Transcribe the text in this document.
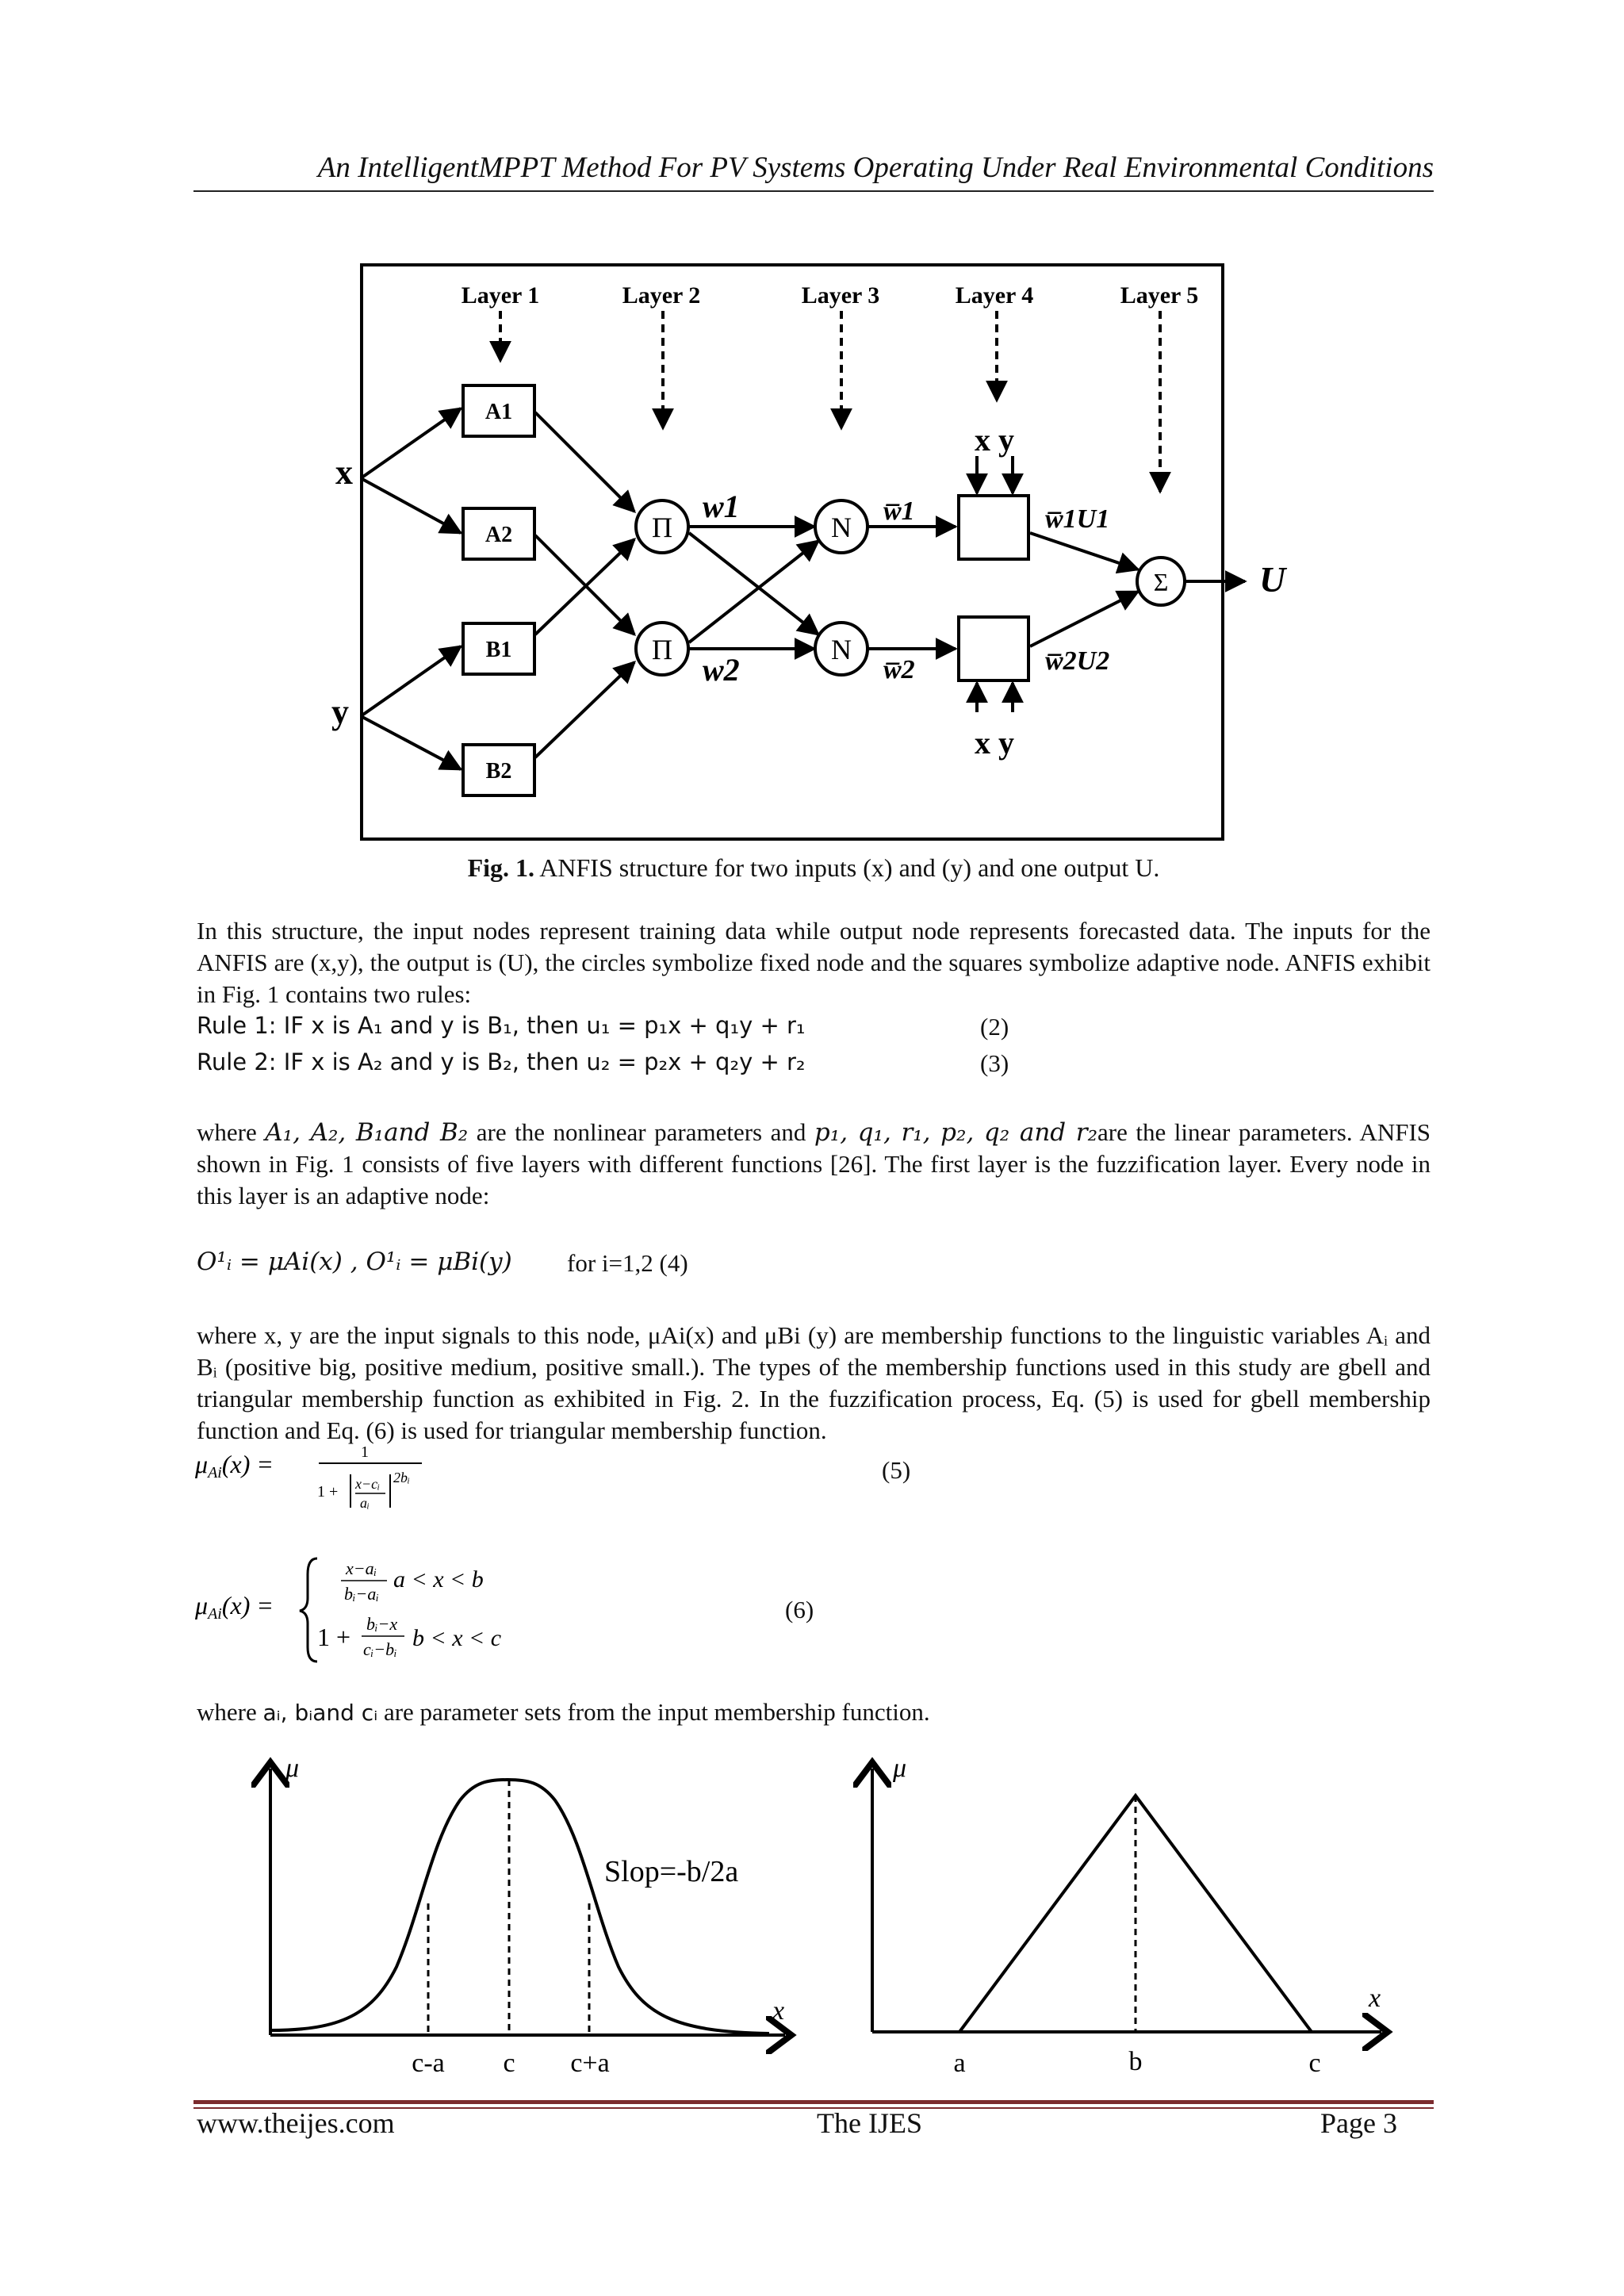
An IntelligentMPPT Method For PV Systems Operating Under Real Environmental Conditions
Layer 1	Layer 2	Layer 3	Layer 4	Layer 5
x
y
A1
A2
B1
B2
Π
Π
N
N
Σ
w1
w2
w̅1
w̅2
w̅1U1
w̅2U2
x y
x y
U
Fig. 1. ANFIS structure for two inputs (x) and (y) and one output U.
In this structure, the input nodes represent training data while output node represents forecasted data. The inputs for the ANFIS are (x,y), the output is (U), the circles symbolize fixed node and the squares symbolize adaptive node. ANFIS exhibit in Fig. 1 contains two rules:
Rule 1: IF x is A₁ and y is B₁, then u₁ = p₁x + q₁y + r₁	(2)
Rule 2: IF x is A₂ and y is B₂, then u₂ = p₂x + q₂y + r₂	(3)
where A₁, A₂, B₁and B₂ are the nonlinear parameters and p₁, q₁, r₁, p₂, q₂ and r₂are the linear parameters. ANFIS shown in Fig. 1 consists of five layers with different functions [26]. The first layer is the fuzzification layer. Every node in this layer is an adaptive node:
O¹ᵢ = μAi(x) , O¹ᵢ = μBi(y) for i=1,2 (4)
where x, y are the input signals to this node, μAi(x) and μBi (y) are membership functions to the linguistic variables Aᵢ and Bᵢ (positive big, positive medium, positive small.). The types of the membership functions used in this study are gbell and triangular membership function as exhibited in Fig. 2. In the fuzzification process, Eq. (5) is used for gbell membership function and Eq. (6) is used for triangular membership function.
μAi(x) =	1
1 + x−cᵢ
aᵢ
2bᵢ	(5)
μAi(x) =
x−aᵢ
bᵢ−aᵢ
a < x < b
1 + bᵢ−x
cᵢ−bᵢ b < x < c
(6)
where aᵢ, bᵢand cᵢ are parameter sets from the input membership function.
μ
x
c-a c c+a
Slop=-b/2a
μ
x
a	b	c
www.theijes.com	The IJES	Page 3
